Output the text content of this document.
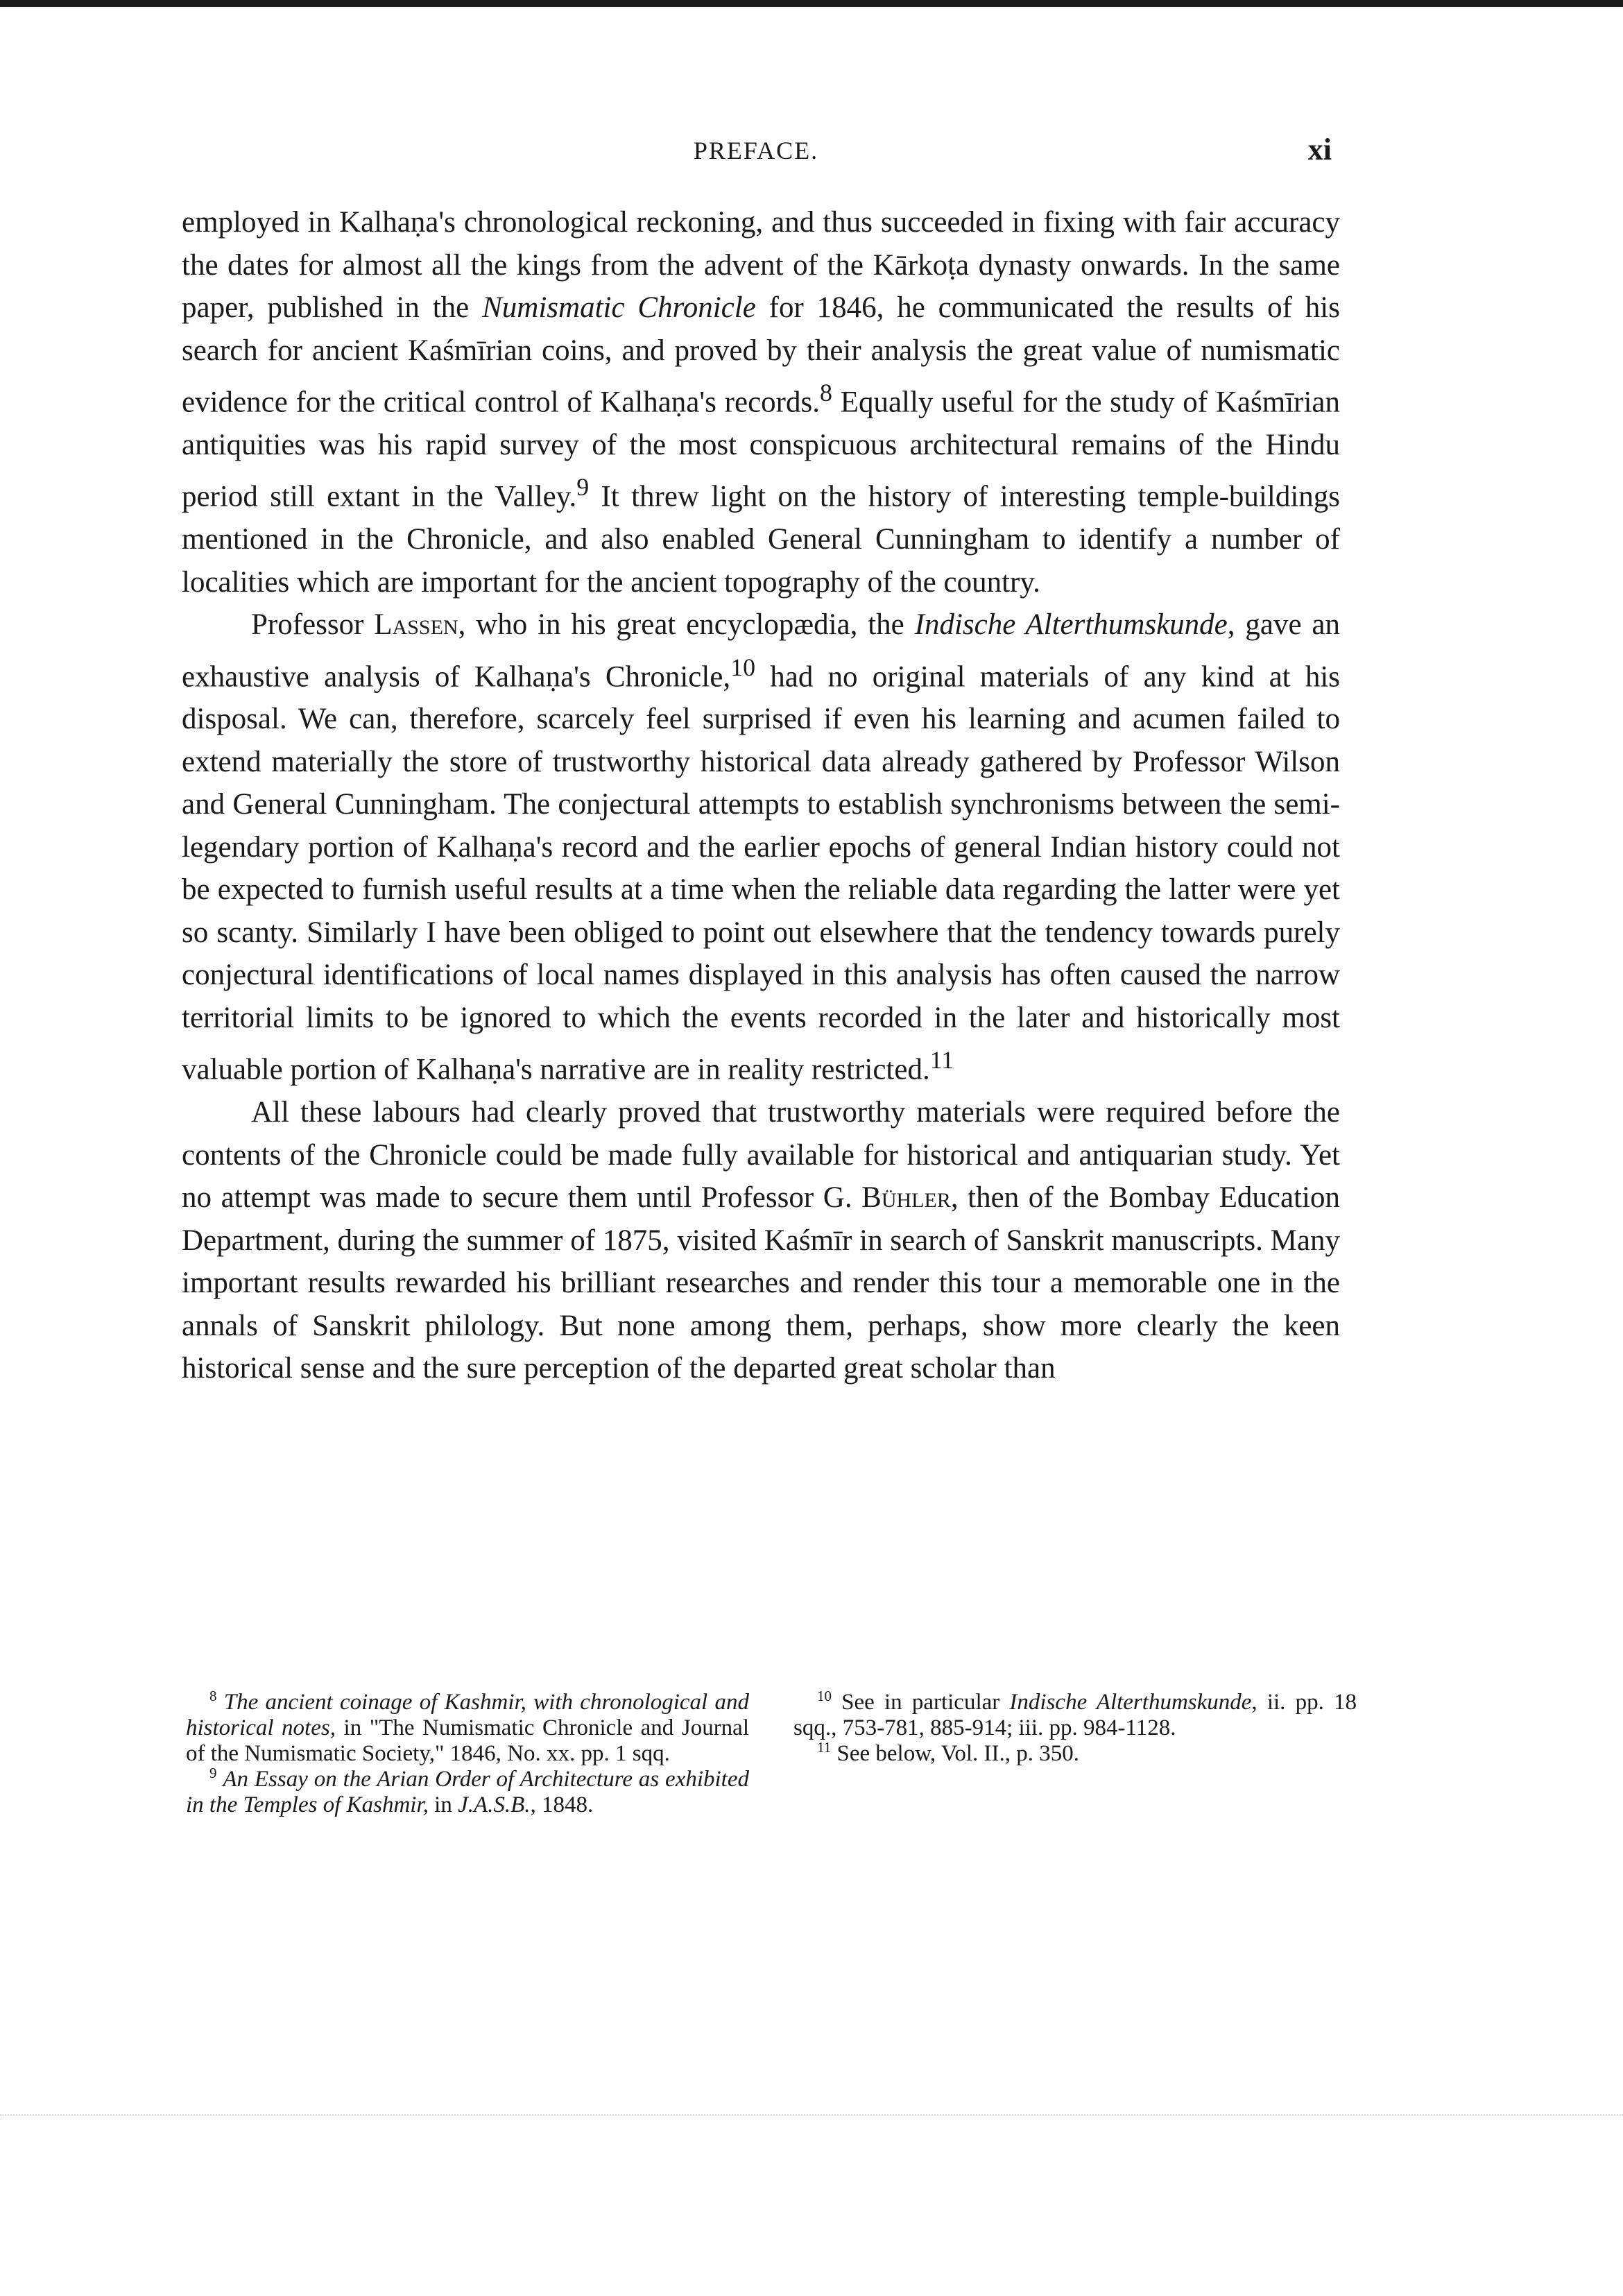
PREFACE.	xi

employed in Kalhaṇa's chronological reckoning, and thus succeeded in fixing with fair accuracy the dates for almost all the kings from the advent of the Kārkoṭa dynasty onwards. In the same paper, published in the Numismatic Chronicle for 1846, he communicated the results of his search for ancient Kaśmīrian coins, and proved by their analysis the great value of numismatic evidence for the critical control of Kalhaṇa's records.$^8$ Equally useful for the study of Kaśmīrian antiquities was his rapid survey of the most conspicuous architectural remains of the Hindu period still extant in the Valley.$^9$ It threw light on the history of interesting temple-buildings mentioned in the Chronicle, and also enabled General Cunningham to identify a number of localities which are important for the ancient topography of the country.

Professor Lassen, who in his great encyclopædia, the Indische Alterthumskunde, gave an exhaustive analysis of Kalhaṇa's Chronicle,$^{10}$ had no original materials of any kind at his disposal. We can, therefore, scarcely feel surprised if even his learning and acumen failed to extend materially the store of trustworthy historical data already gathered by Professor Wilson and General Cunningham. The conjectural attempts to establish synchronisms between the semi-legendary portion of Kalhaṇa's record and the earlier epochs of general Indian history could not be expected to furnish useful results at a time when the reliable data regarding the latter were yet so scanty. Similarly I have been obliged to point out elsewhere that the tendency towards purely conjectural identifications of local names displayed in this analysis has often caused the narrow territorial limits to be ignored to which the events recorded in the later and historically most valuable portion of Kalhaṇa's narrative are in reality restricted.$^{11}$

All these labours had clearly proved that trustworthy materials were required before the contents of the Chronicle could be made fully available for historical and antiquarian study. Yet no attempt was made to secure them until Professor G. Bühler, then of the Bombay Education Department, during the summer of 1875, visited Kaśmīr in search of Sanskrit manuscripts. Many important results rewarded his brilliant researches and render this tour a memorable one in the annals of Sanskrit philology. But none among them, perhaps, show more clearly the keen historical sense and the sure perception of the departed great scholar than

$^8$ The ancient coinage of Kashmir, with chronological and historical notes, in "The Numismatic Chronicle and Journal of the Numismatic Society," 1846, No. xx. pp. 1 sqq.

$^9$ An Essay on the Arian Order of Architecture as exhibited in the Temples of Kashmir, in J.A.S.B., 1848.

$^{10}$ See in particular Indische Alterthumskunde, ii. pp. 18 sqq., 753-781, 885-914; iii. pp. 984-1128.

$^{11}$ See below, Vol. II., p. 350.
